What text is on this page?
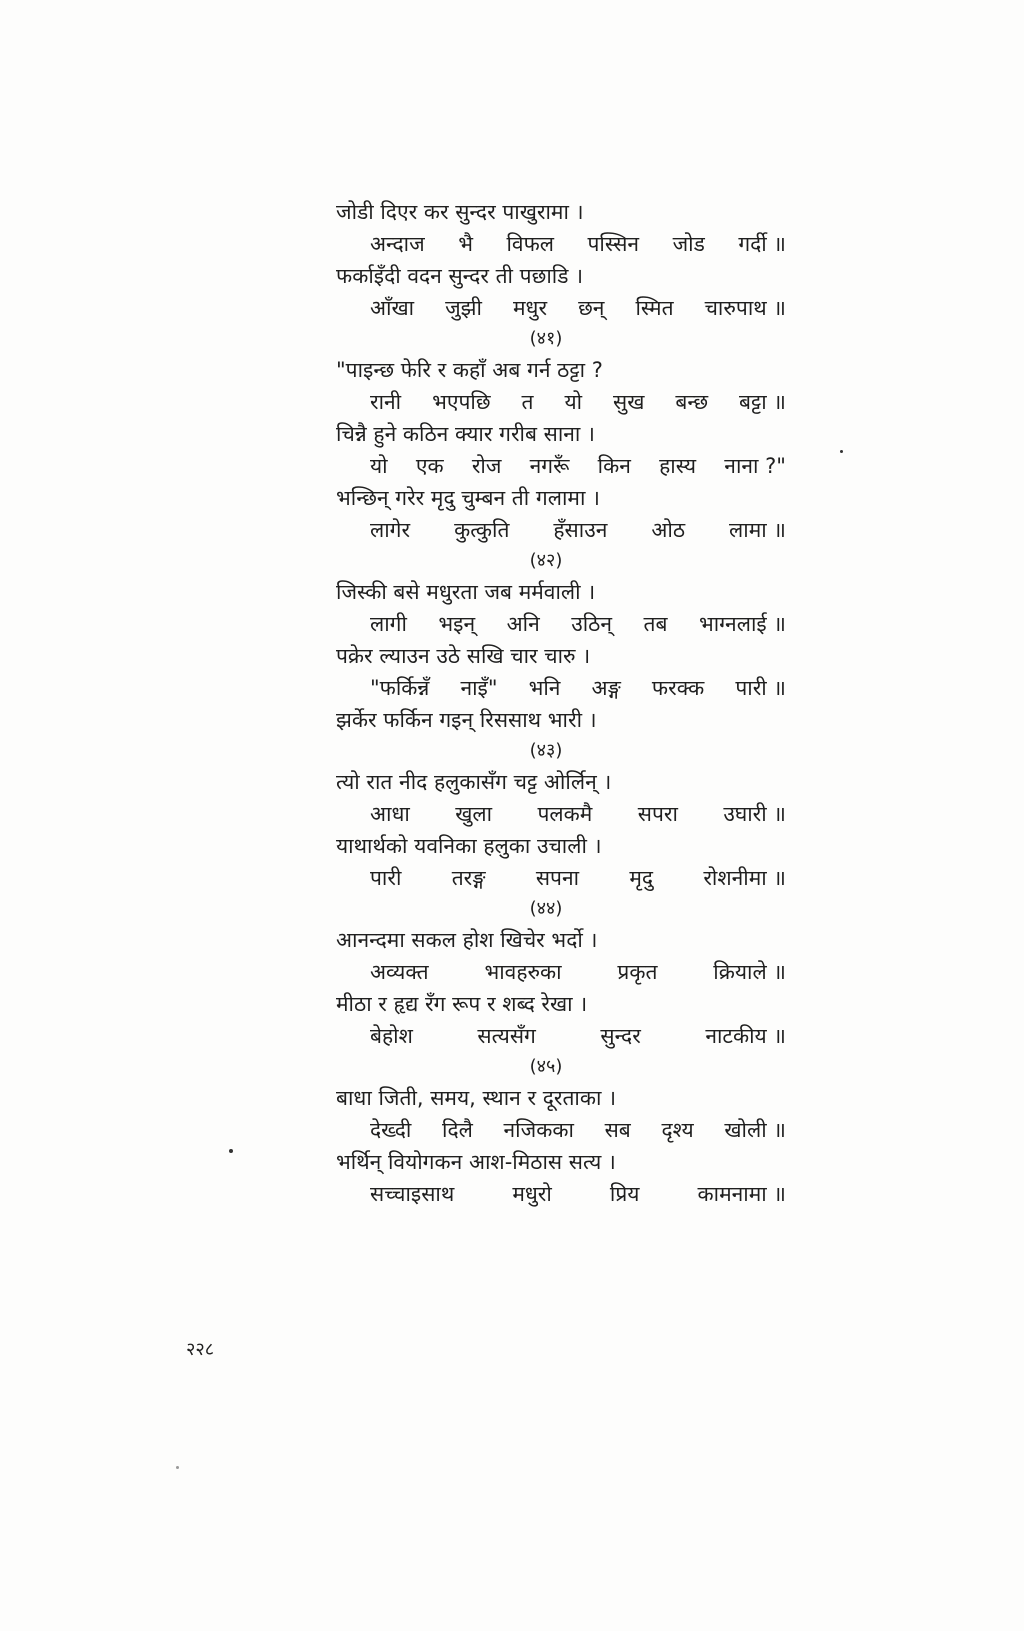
जोडी दिएर कर सुन्दर पाखुरामा ।
अन्दाज भै विफल पस्सिन जोड गर्दी ॥
फर्काइँदी वदन सुन्दर ती पछाडि ।
आँखा जुझी मधुर छन् स्मित चारुपाथ ॥
(४१)
"पाइन्छ फेरि र कहाँ अब गर्न ठट्टा ?
रानी भएपछि त यो सुख बन्छ बट्टा ॥
चिन्नै हुने कठिन क्यार गरीब साना ।
यो एक रोज नगरूँ किन हास्य नाना ?"
भन्छिन् गरेर मृदु चुम्बन ती गलामा ।
लागेर कुत्कुति हँसाउन ओठ लामा ॥
(४२)
जिस्की बसे मधुरता जब मर्मवाली ।
लागी भइन् अनि उठिन् तब भाग्नलाई ॥
पक्रेर ल्याउन उठे सखि चार चारु ।
"फर्किन्नँ नाइँ" भनि अङ्ग फरक्क पारी ॥
झर्केर फर्किन गइन् रिससाथ भारी ।
(४३)
त्यो रात नीद हलुकासँग चट्ट ओर्लिन् ।
आधा खुला पलकमै सपरा उघारी ॥
याथार्थको यवनिका हलुका उचाली ।
पारी तरङ्ग सपना मृदु रोशनीमा ॥
(४४)
आनन्दमा सकल होश खिचेर भर्दो ।
अव्यक्त	भावहरुका	प्रकृत	क्रियाले ॥
मीठा र हृद्य रँग रूप र शब्द रेखा ।
बेहोश	सत्यसँग	सुन्दर	नाटकीय ॥
(४५)
बाधा जिती, समय, स्थान र दूरताका ।
देख्दी दिलै नजिकका सब दृश्य खोली ॥
भर्थिन् वियोगकन आश-मिठास सत्य ।
सच्चाइसाथ	मधुरो	प्रिय	कामनामा ॥
२२८
